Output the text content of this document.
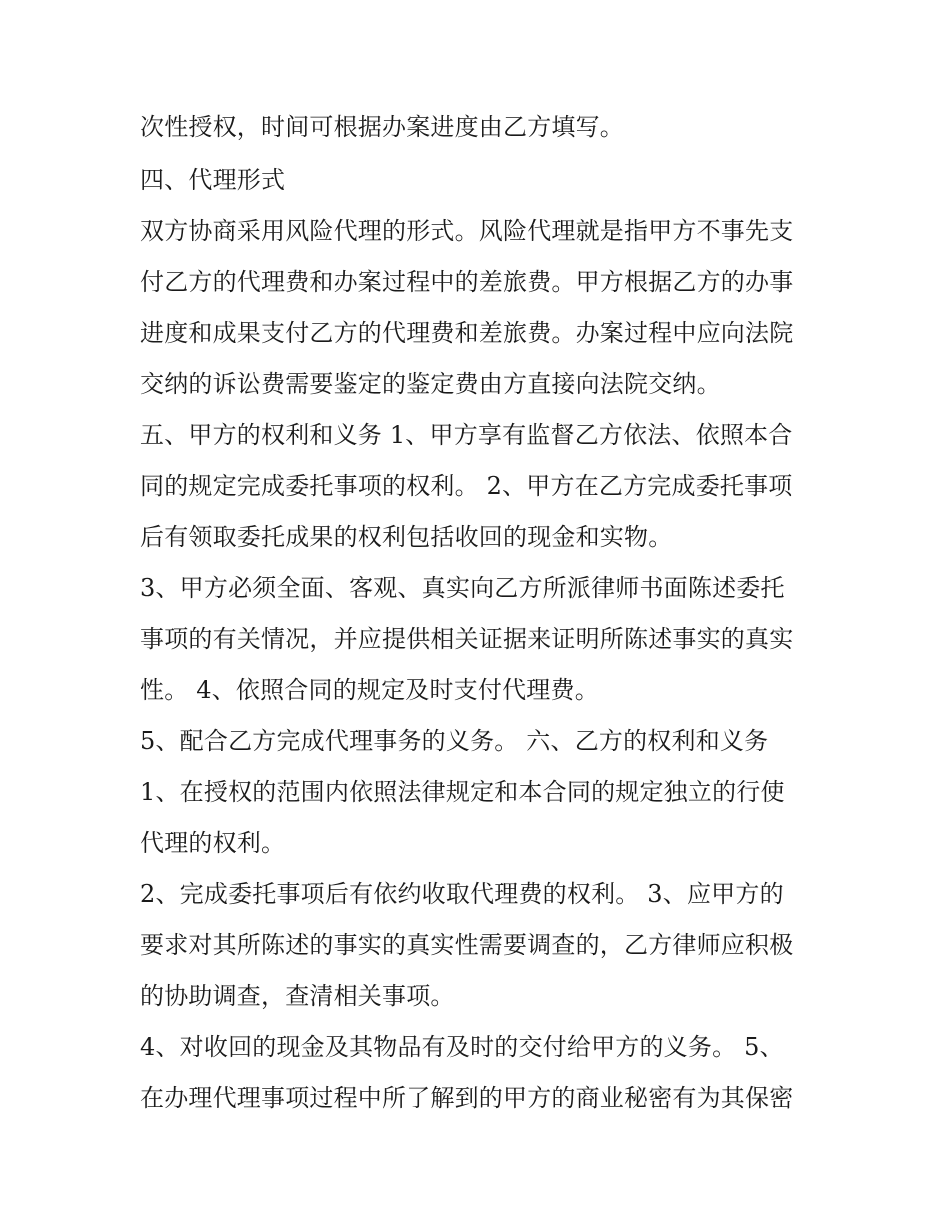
次性授权，时间可根据办案进度由乙方填写。

四、代理形式

双方协商采用风险代理的形式。风险代理就是指甲方不事先支

付乙方的代理费和办案过程中的差旅费。甲方根据乙方的办事

进度和成果支付乙方的代理费和差旅费。办案过程中应向法院

交纳的诉讼费需要鉴定的鉴定费由方直接向法院交纳。

五、甲方的权利和义务 1、甲方享有监督乙方依法、依照本合

同的规定完成委托事项的权利。 2、甲方在乙方完成委托事项

后有领取委托成果的权利包括收回的现金和实物。

3、甲方必须全面、客观、真实向乙方所派律师书面陈述委托

事项的有关情况，并应提供相关证据来证明所陈述事实的真实

性。 4、依照合同的规定及时支付代理费。

5、配合乙方完成代理事务的义务。 六、乙方的权利和义务

1、在授权的范围内依照法律规定和本合同的规定独立的行使

代理的权利。

2、完成委托事项后有依约收取代理费的权利。 3、应甲方的

要求对其所陈述的事实的真实性需要调查的，乙方律师应积极

的协助调查，查清相关事项。

4、对收回的现金及其物品有及时的交付给甲方的义务。 5、

在办理代理事项过程中所了解到的甲方的商业秘密有为其保密
